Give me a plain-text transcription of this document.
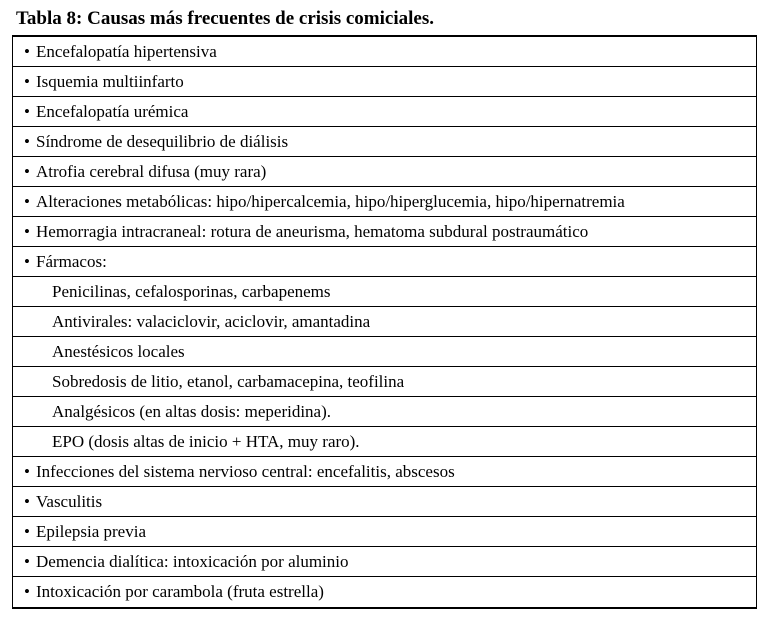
Tabla 8: Causas más frecuentes de crisis comiciales.
• Encefalopatía hipertensiva
• Isquemia multiinfarto
• Encefalopatía urémica
• Síndrome de desequilibrio de diálisis
• Atrofia cerebral difusa (muy rara)
• Alteraciones metabólicas: hipo/hipercalcemia, hipo/hiperglucemia, hipo/hipernatremia
• Hemorragia intracraneal: rotura de aneurisma, hematoma subdural postraumático
• Fármacos:
Penicilinas, cefalosporinas, carbapenems
Antivirales: valaciclovir, aciclovir, amantadina
Anestésicos locales
Sobredosis de litio, etanol, carbamacepina, teofilina
Analgésicos (en altas dosis: meperidina).
EPO (dosis altas de inicio + HTA, muy raro).
• Infecciones del sistema nervioso central: encefalitis, abscesos
• Vasculitis
• Epilepsia previa
• Demencia dialítica: intoxicación por aluminio
• Intoxicación por carambola (fruta estrella)
